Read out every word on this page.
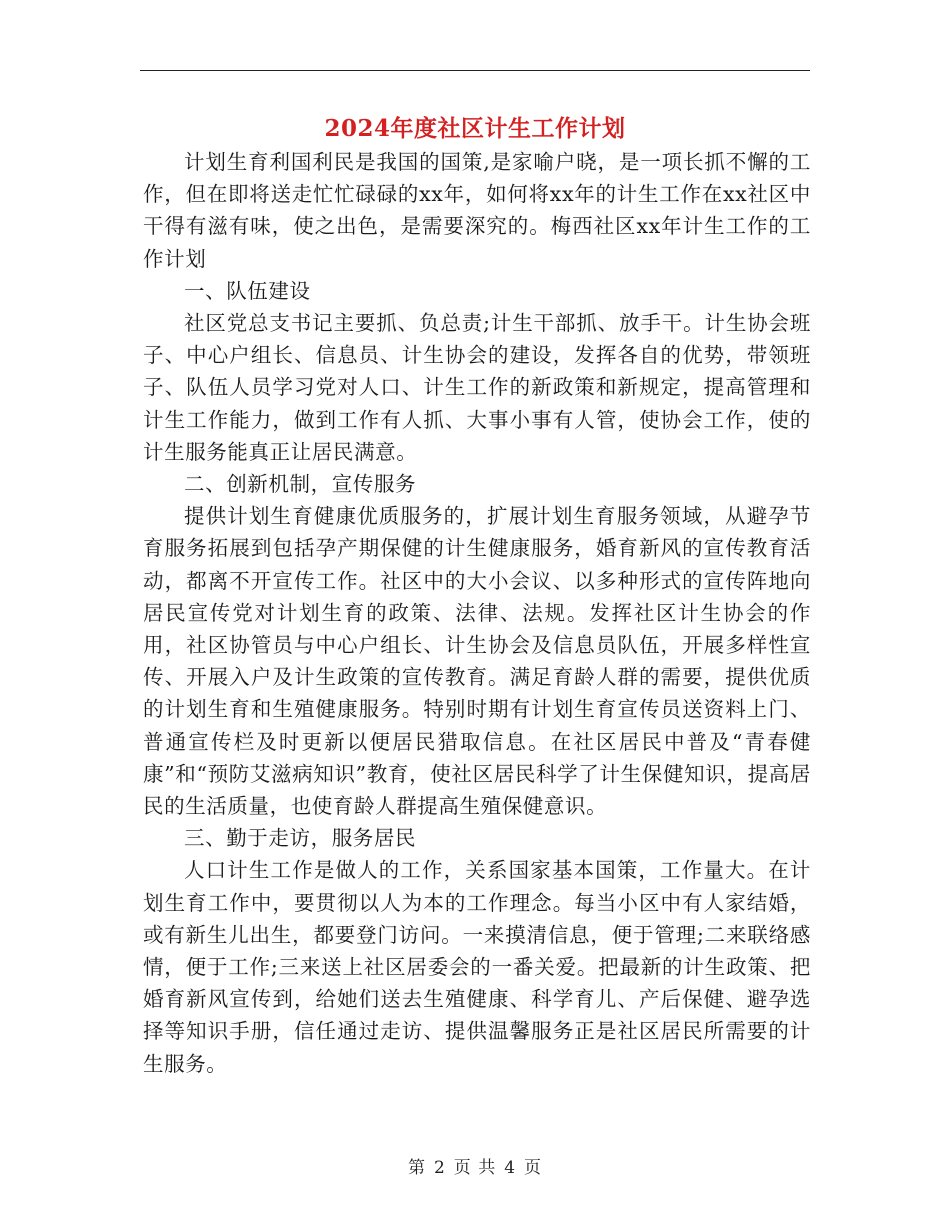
2024年度社区计生工作计划

计划生育利国利民是我国的国策,是家喻户晓，是一项长抓不懈的工作，但在即将送走忙忙碌碌的xx年，如何将xx年的计生工作在xx社区中干得有滋有味，使之出色，是需要深究的。梅西社区xx年计生工作的工作计划

一、队伍建设

社区党总支书记主要抓、负总责;计生干部抓、放手干。计生协会班子、中心户组长、信息员、计生协会的建设，发挥各自的优势，带领班子、队伍人员学习党对人口、计生工作的新政策和新规定，提高管理和计生工作能力，做到工作有人抓、大事小事有人管，使协会工作，使的计生服务能真正让居民满意。

二、创新机制，宣传服务

提供计划生育健康优质服务的，扩展计划生育服务领域，从避孕节育服务拓展到包括孕产期保健的计生健康服务，婚育新风的宣传教育活动，都离不开宣传工作。社区中的大小会议、以多种形式的宣传阵地向居民宣传党对计划生育的政策、法律、法规。发挥社区计生协会的作用，社区协管员与中心户组长、计生协会及信息员队伍，开展多样性宣传、开展入户及计生政策的宣传教育。满足育龄人群的需要，提供优质的计划生育和生殖健康服务。特别时期有计划生育宣传员送资料上门、普通宣传栏及时更新以便居民猎取信息。在社区居民中普及“青春健康”和“预防艾滋病知识”教育，使社区居民科学了计生保健知识，提高居民的生活质量，也使育龄人群提高生殖保健意识。

三、勤于走访，服务居民

人口计生工作是做人的工作，关系国家基本国策，工作量大。在计划生育工作中，要贯彻以人为本的工作理念。每当小区中有人家结婚，或有新生儿出生，都要登门访问。一来摸清信息，便于管理;二来联络感情，便于工作;三来送上社区居委会的一番关爱。把最新的计生政策、把婚育新风宣传到，给她们送去生殖健康、科学育儿、产后保健、避孕选择等知识手册，信任通过走访、提供温馨服务正是社区居民所需要的计生服务。

第 2 页 共 4 页
